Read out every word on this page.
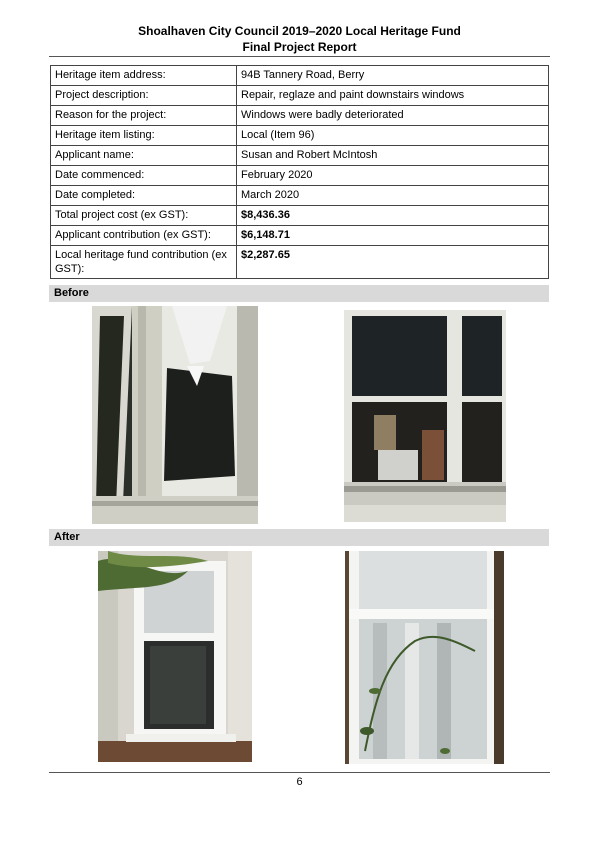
Shoalhaven City Council 2019–2020 Local Heritage Fund
Final Project Report
Heritage item address:	94B Tannery Road, Berry
Project description:	Repair, reglaze and paint downstairs windows
Reason for the project:	Windows were badly deteriorated
Heritage item listing:	Local (Item 96)
Applicant name:	Susan and Robert McIntosh
Date commenced:	February 2020
Date completed:	March 2020
Total project cost (ex GST):	$8,436.36
Applicant contribution (ex GST):	$6,148.71
Local heritage fund contribution (ex GST):	$2,287.65
Before
After
6
